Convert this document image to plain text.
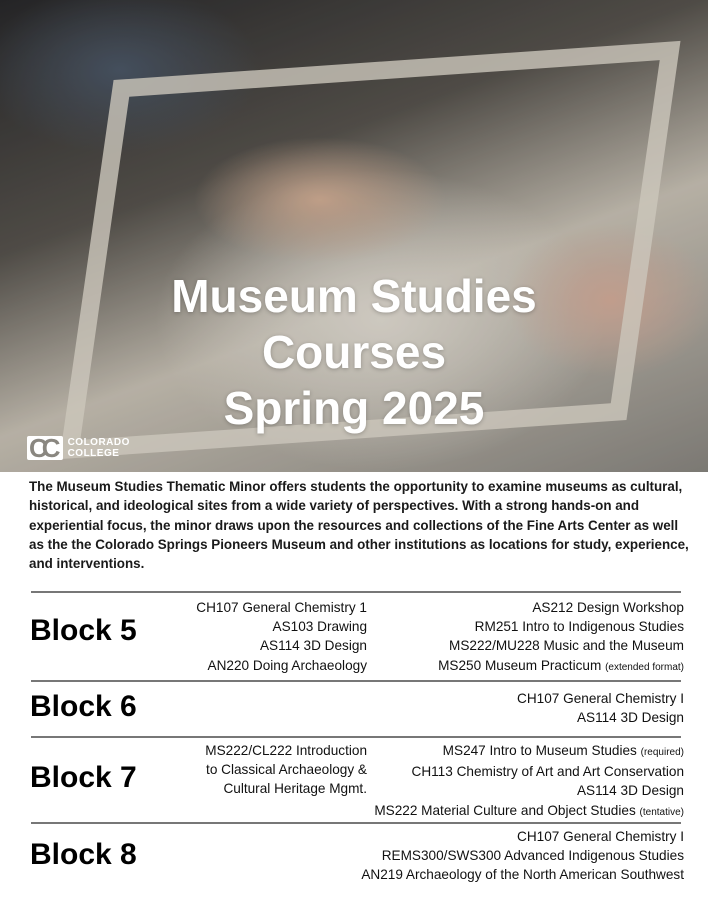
Museum Studies
Courses
Spring 2025
CC	COLORADO
COLLEGE

The Museum Studies Thematic Minor offers students the opportunity to examine museums as cultural, historical, and ideological sites from a wide variety of perspectives. With a strong hands-on and experiential focus, the minor draws upon the resources and collections of the Fine Arts Center as well as the the Colorado Springs Pioneers Museum and other institutions as locations for study, experience, and interventions.

Block 5
CH107 General Chemistry 1
AS103 Drawing
AS114 3D Design
AN220 Doing Archaeology
AS212 Design Workshop
RM251 Intro to Indigenous Studies
MS222/MU228 Music and the Museum
MS250 Museum Practicum (extended format)
Block 6	CH107 General Chemistry I
AS114 3D Design
Block 7
MS222/CL222 Introduction
to Classical Archaeology &
Cultural Heritage Mgmt.
MS247 Intro to Museum Studies (required)
CH113 Chemistry of Art and Art Conservation
AS114 3D Design
MS222 Material Culture and Object Studies (tentative)
Block 8
CH107 General Chemistry I
REMS300/SWS300 Advanced Indigenous Studies
AN219 Archaeology of the North American Southwest
